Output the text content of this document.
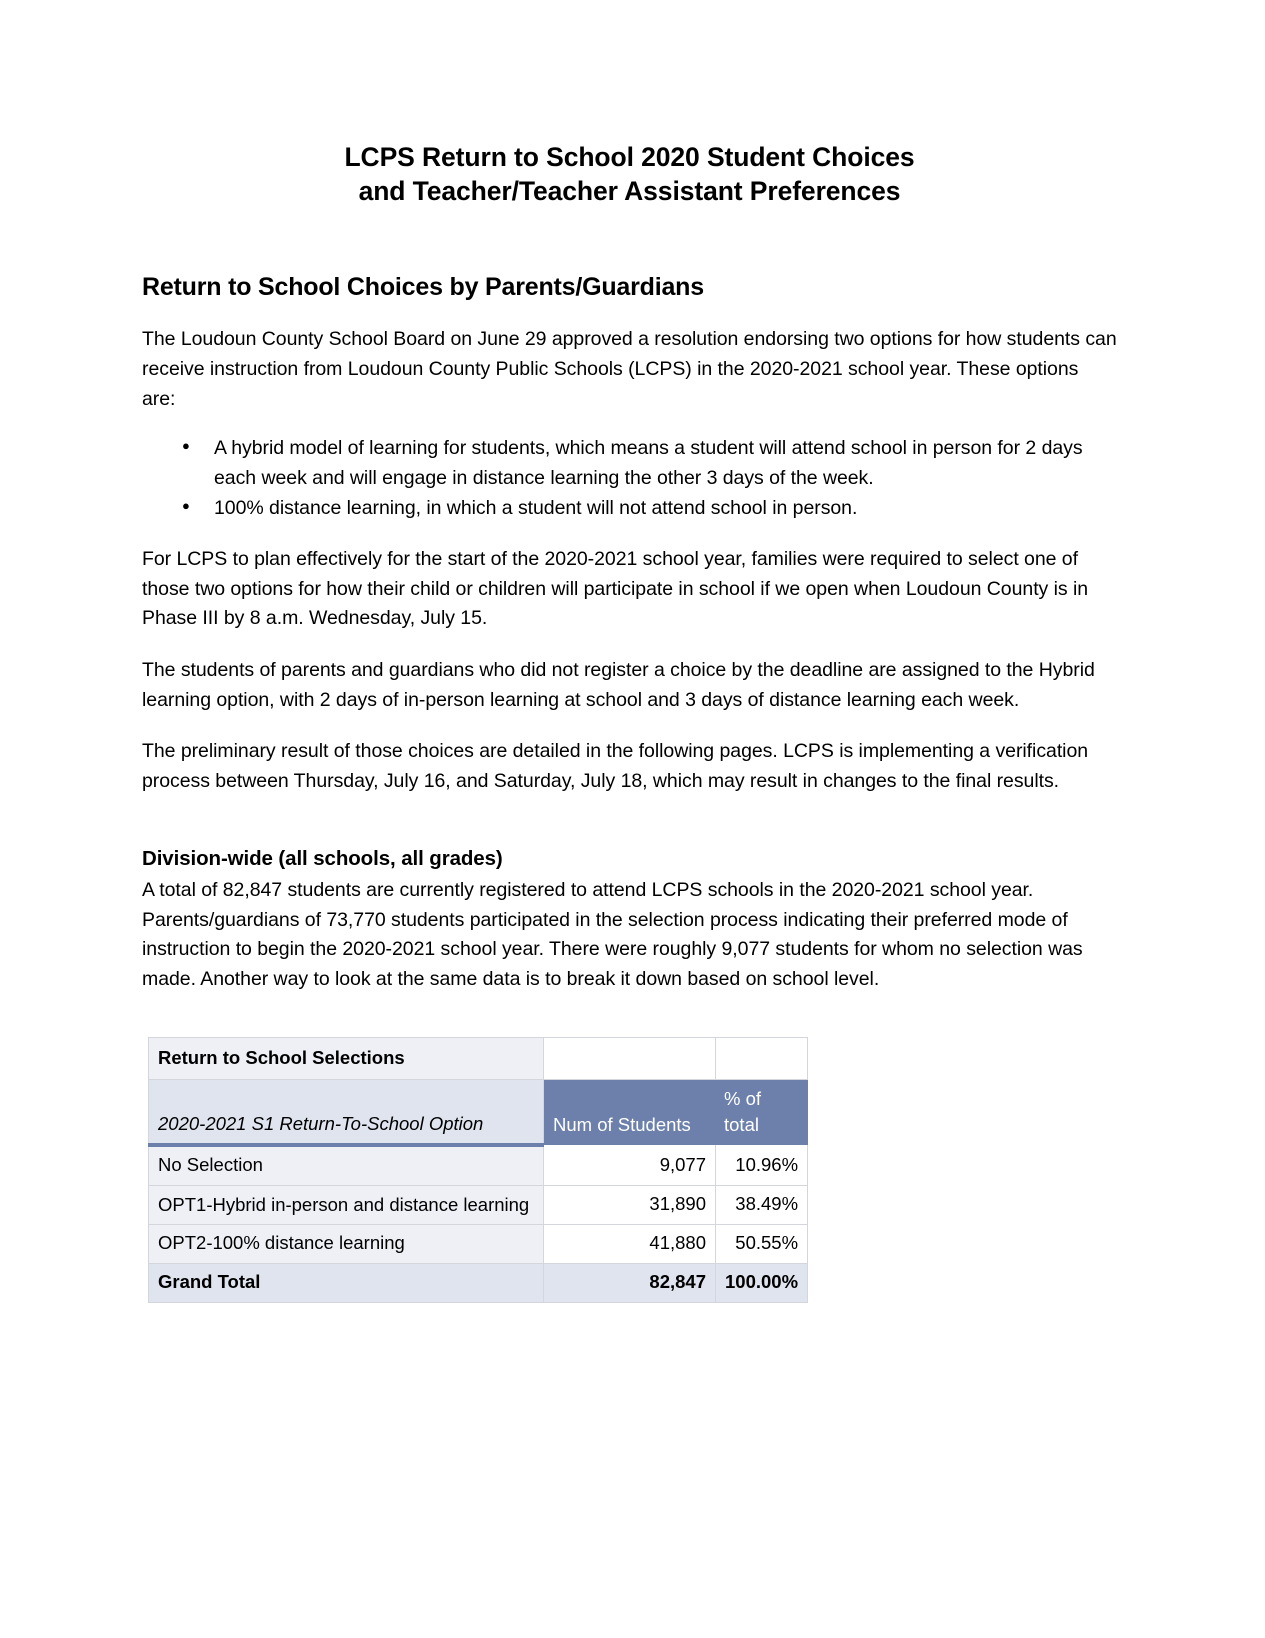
LCPS Return to School 2020 Student Choices
and Teacher/Teacher Assistant Preferences
Return to School Choices by Parents/Guardians

The Loudoun County School Board on June 29 approved a resolution endorsing two options for how students can receive instruction from Loudoun County Public Schools (LCPS) in the 2020-2021 school year. These options are:

● A hybrid model of learning for students, which means a student will attend school in person for 2 days each week and will engage in distance learning the other 3 days of the week.
● 100% distance learning, in which a student will not attend school in person.

For LCPS to plan effectively for the start of the 2020-2021 school year, families were required to select one of those two options for how their child or children will participate in school if we open when Loudoun County is in Phase III by 8 a.m. Wednesday, July 15.

The students of parents and guardians who did not register a choice by the deadline are assigned to the Hybrid learning option, with 2 days of in-person learning at school and 3 days of distance learning each week.

The preliminary result of those choices are detailed in the following pages. LCPS is implementing a verification process between Thursday, July 16, and Saturday, July 18, which may result in changes to the final results.

Division-wide (all schools, all grades)

A total of 82,847 students are currently registered to attend LCPS schools in the 2020-2021 school year. Parents/guardians of 73,770 students participated in the selection process indicating their preferred mode of instruction to begin the 2020-2021 school year. There were roughly 9,077 students for whom no selection was made. Another way to look at the same data is to break it down based on school level.

Return to School Selections		
2020-2021 S1 Return-To-School Option	Num of Students	% of total
No Selection	9,077	10.96%
OPT1-Hybrid in-person and distance learning	31,890	38.49%
OPT2-100% distance learning	41,880	50.55%
Grand Total	82,847	100.00%
